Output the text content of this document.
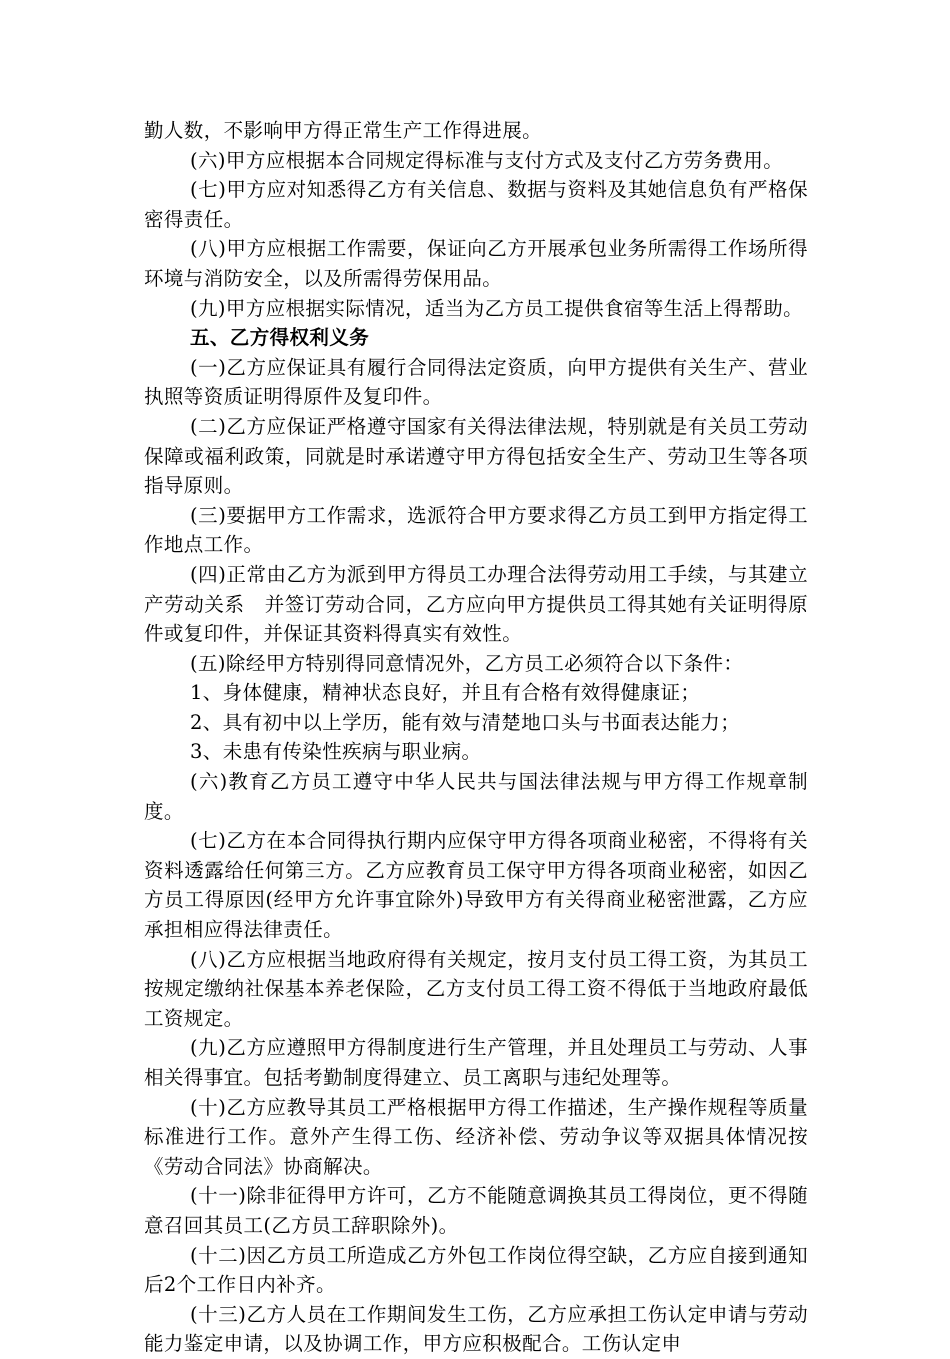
勤人数，不影响甲方得正常生产工作得进展。

(六)甲方应根据本合同规定得标准与支付方式及支付乙方劳务费用。

(七)甲方应对知悉得乙方有关信息、数据与资料及其她信息负有严格保密得责任。

(八)甲方应根据工作需要，保证向乙方开展承包业务所需得工作场所得环境与消防安全，以及所需得劳保用品。

(九)甲方应根据实际情况，适当为乙方员工提供食宿等生活上得帮助。

五、乙方得权利义务

(一)乙方应保证具有履行合同得法定资质，向甲方提供有关生产、营业执照等资质证明得原件及复印件。

(二)乙方应保证严格遵守国家有关得法律法规，特别就是有关员工劳动保障或福利政策，同就是时承诺遵守甲方得包括安全生产、劳动卫生等各项指导原则。

(三)要据甲方工作需求，选派符合甲方要求得乙方员工到甲方指定得工作地点工作。

(四)正常由乙方为派到甲方得员工办理合法得劳动用工手续，与其建立产劳动关系　并签订劳动合同，乙方应向甲方提供员工得其她有关证明得原件或复印件，并保证其资料得真实有效性。

(五)除经甲方特别得同意情况外，乙方员工必须符合以下条件：

1、身体健康，精神状态良好，并且有合格有效得健康证；

2、具有初中以上学历，能有效与清楚地口头与书面表达能力；

3、未患有传染性疾病与职业病。

(六)教育乙方员工遵守中华人民共与国法律法规与甲方得工作规章制度。

(七)乙方在本合同得执行期内应保守甲方得各项商业秘密，不得将有关资料透露给任何第三方。乙方应教育员工保守甲方得各项商业秘密，如因乙方员工得原因(经甲方允许事宜除外)导致甲方有关得商业秘密泄露，乙方应承担相应得法律责任。

(八)乙方应根据当地政府得有关规定，按月支付员工得工资，为其员工按规定缴纳社保基本养老保险，乙方支付员工得工资不得低于当地政府最低工资规定。

(九)乙方应遵照甲方得制度进行生产管理，并且处理员工与劳动、人事相关得事宜。包括考勤制度得建立、员工离职与违纪处理等。

(十)乙方应教导其员工严格根据甲方得工作描述，生产操作规程等质量标准进行工作。意外产生得工伤、经济补偿、劳动争议等双据具体情况按《劳动合同法》协商解决。

(十一)除非征得甲方许可，乙方不能随意调换其员工得岗位，更不得随意召回其员工(乙方员工辞职除外)。

(十二)因乙方员工所造成乙方外包工作岗位得空缺，乙方应自接到通知后2个工作日内补齐。

(十三)乙方人员在工作期间发生工伤，乙方应承担工伤认定申请与劳动能力鉴定申请，以及协调工作，甲方应积极配合。工伤认定申
